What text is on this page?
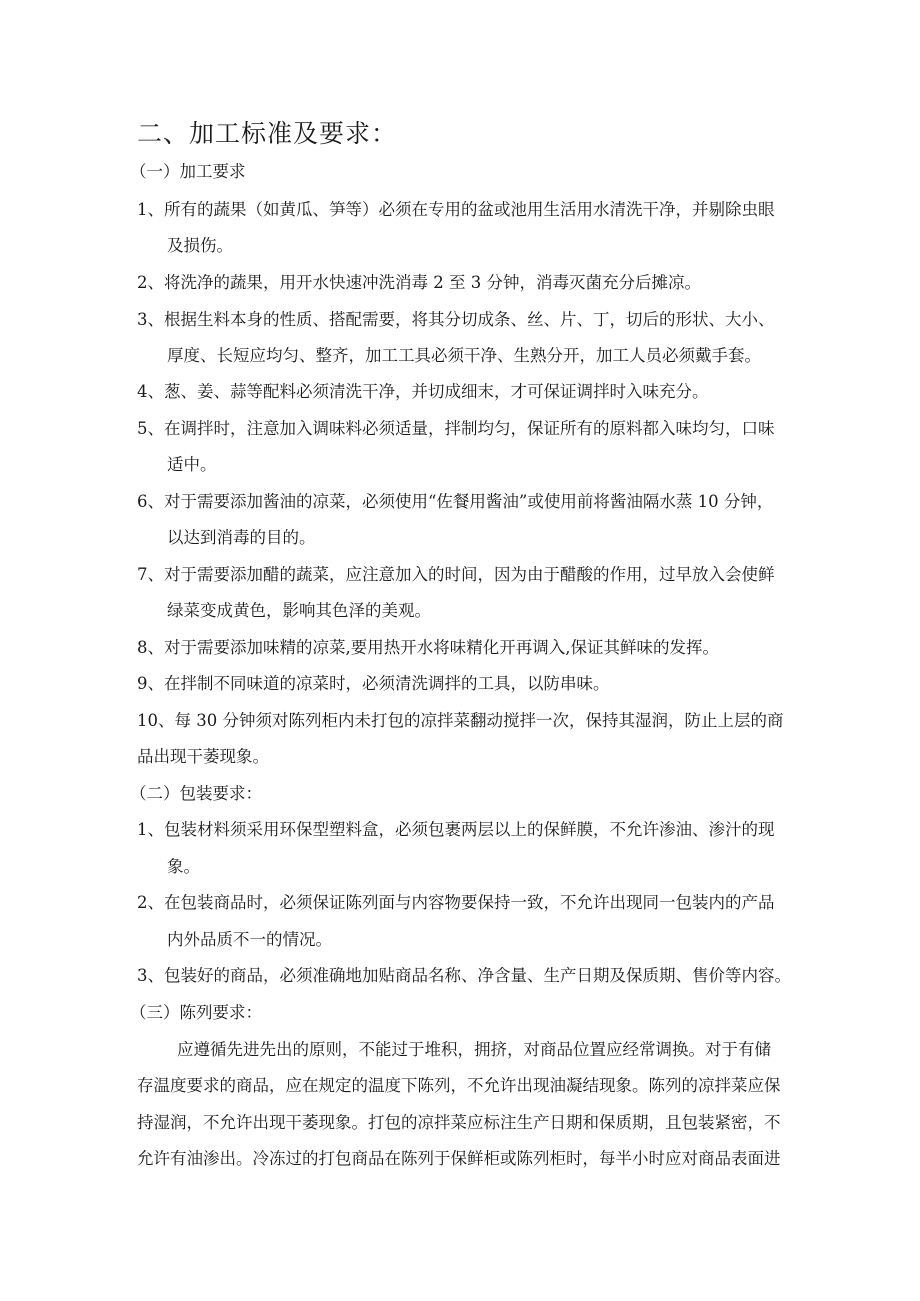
二、加工标准及要求：

（一）加工要求

1、所有的蔬果（如黄瓜、笋等）必须在专用的盆或池用生活用水清洗干净，并剔除虫眼

及损伤。

2、将洗净的蔬果，用开水快速冲洗消毒 2 至 3 分钟，消毒灭菌充分后摊凉。

3、根据生料本身的性质、搭配需要，将其分切成条、丝、片、丁，切后的形状、大小、

厚度、长短应均匀、整齐，加工工具必须干净、生熟分开，加工人员必须戴手套。

4、葱、姜、蒜等配料必须清洗干净，并切成细末，才可保证调拌时入味充分。

5、在调拌时，注意加入调味料必须适量，拌制均匀，保证所有的原料都入味均匀，口味

适中。

6、对于需要添加酱油的凉菜，必须使用“佐餐用酱油”或使用前将酱油隔水蒸 10 分钟，

以达到消毒的目的。

7、对于需要添加醋的蔬菜，应注意加入的时间，因为由于醋酸的作用，过早放入会使鲜

绿菜变成黄色，影响其色泽的美观。

8、对于需要添加味精的凉菜,要用热开水将味精化开再调入,保证其鲜味的发挥。

9、在拌制不同味道的凉菜时，必须清洗调拌的工具，以防串味。

10、每 30 分钟须对陈列柜内未打包的凉拌菜翻动搅拌一次，保持其湿润，防止上层的商

品出现干萎现象。

（二）包装要求：

1、包装材料须采用环保型塑料盒，必须包裹两层以上的保鲜膜，不允许渗油、渗汁的现

象。

2、在包装商品时，必须保证陈列面与内容物要保持一致，不允许出现同一包装内的产品

内外品质不一的情况。

3、包装好的商品，必须准确地加贴商品名称、净含量、生产日期及保质期、售价等内容。

（三）陈列要求：

应遵循先进先出的原则，不能过于堆积，拥挤，对商品位置应经常调换。对于有储

存温度要求的商品，应在规定的温度下陈列，不允许出现油凝结现象。陈列的凉拌菜应保

持湿润，不允许出现干萎现象。打包的凉拌菜应标注生产日期和保质期，且包装紧密，不

允许有油渗出。冷冻过的打包商品在陈列于保鲜柜或陈列柜时，每半小时应对商品表面进
